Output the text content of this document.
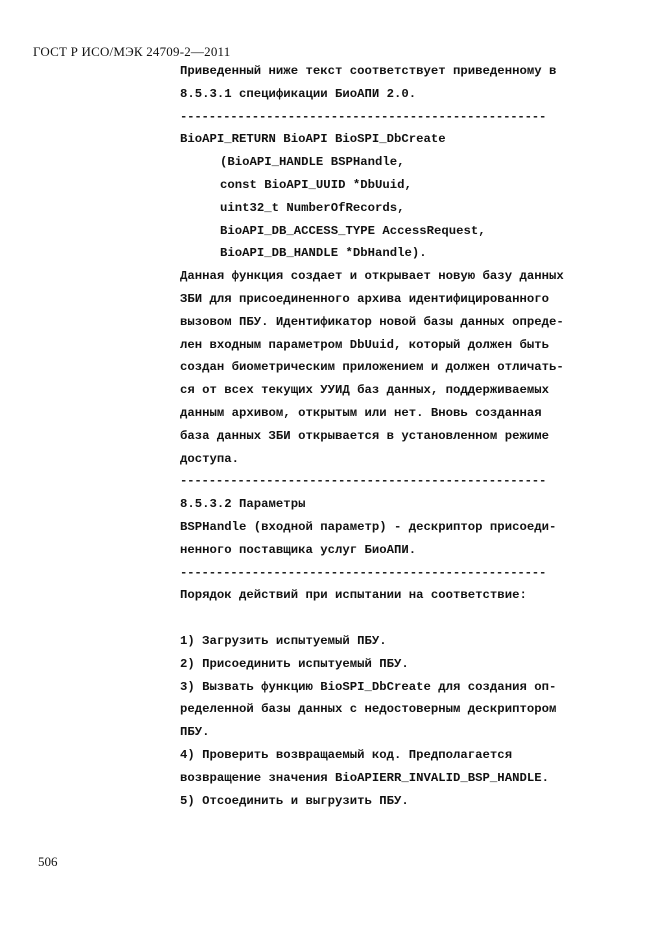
ГОСТ Р ИСО/МЭК 24709-2—2011
Приведенный ниже текст соответствует приведенному в
8.5.3.1 спецификации БиоАПИ 2.0.
---------------------------------------------------
BioAPI_RETURN BioAPI BioSPI_DbCreate
(BioAPI_HANDLE BSPHandle,
const BioAPI_UUID *DbUuid,
uint32_t NumberOfRecords,
BioAPI_DB_ACCESS_TYPE AccessRequest,
BioAPI_DB_HANDLE *DbHandle).
Данная функция создает и открывает новую базу данных
ЗБИ для присоединенного архива идентифицированного
вызовом ПБУ. Идентификатор новой базы данных опреде-
лен входным параметром DbUuid, который должен быть
создан биометрическим приложением и должен отличать-
ся от всех текущих УУИД баз данных, поддерживаемых
данным архивом, открытым или нет. Вновь созданная
база данных ЗБИ открывается в установленном режиме
доступа.
---------------------------------------------------
8.5.3.2 Параметры
BSPHandle (входной параметр) - дескриптор присоеди-
ненного поставщика услуг БиоАПИ.
---------------------------------------------------
Порядок действий при испытании на соответствие:
1) Загрузить испытуемый ПБУ.
2) Присоединить испытуемый ПБУ.
3) Вызвать функцию BioSPI_DbCreate для создания оп-
ределенной базы данных с недостоверным дескриптором
ПБУ.
4) Проверить возвращаемый код. Предполагается
возвращение значения BioAPIERR_INVALID_BSP_HANDLE.
5) Отсоединить и выгрузить ПБУ.
506
